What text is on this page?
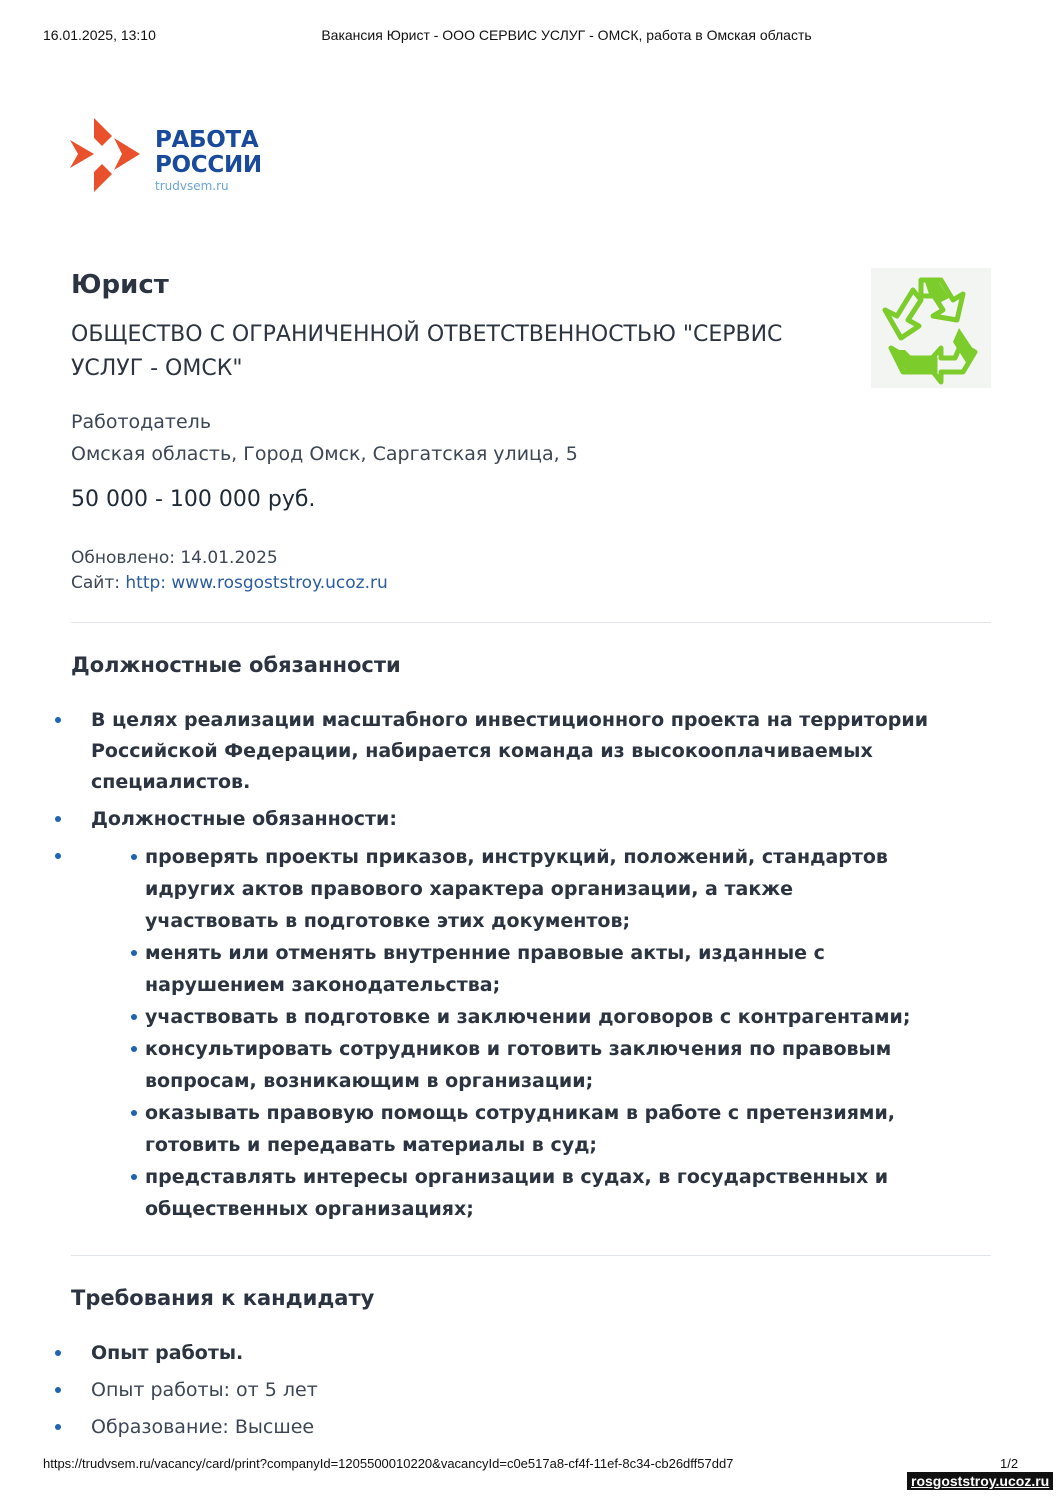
16.01.2025, 13:10	Вакансия Юрист - ООО СЕРВИС УСЛУГ - ОМСК, работа в Омская область
РАБОТА
РОССИИ
trudvsem.ru
Юрист
ОБЩЕСТВО С ОГРАНИЧЕННОЙ ОТВЕТСТВЕННОСТЬЮ "СЕРВИС УСЛУГ - ОМСК"
Работодатель
Омская область, Город Омск, Саргатская улица, 5
50 000 - 100 000 руб.
Обновлено: 14.01.2025
Сайт: http: www.rosgoststroy.ucoz.ru
Должностные обязанности
В целях реализации масштабного инвестиционного проекта на территории Российской Федерации, набирается команда из высокооплачиваемых специалистов.
Должностные обязанности:
проверять проекты приказов, инструкций, положений, стандартов идругих актов правового характера организации, а также участвовать в подготовке этих документов;
менять или отменять внутренние правовые акты, изданные с нарушением законодательства;
участвовать в подготовке и заключении договоров с контрагентами;
консультировать сотрудников и готовить заключения по правовым вопросам, возникающим в организации;
оказывать правовую помощь сотрудникам в работе с претензиями, готовить и передавать материалы в суд;
представлять интересы организации в судах, в государственных и общественных организациях;
Требования к кандидату
Опыт работы.
Опыт работы: от 5 лет
Образование: Высшее
https://trudvsem.ru/vacancy/card/print?companyId=1205500010220&vacancyId=c0e517a8-cf4f-11ef-8c34-cb26dff57dd7	1/2
rosgoststroy.ucoz.ru
